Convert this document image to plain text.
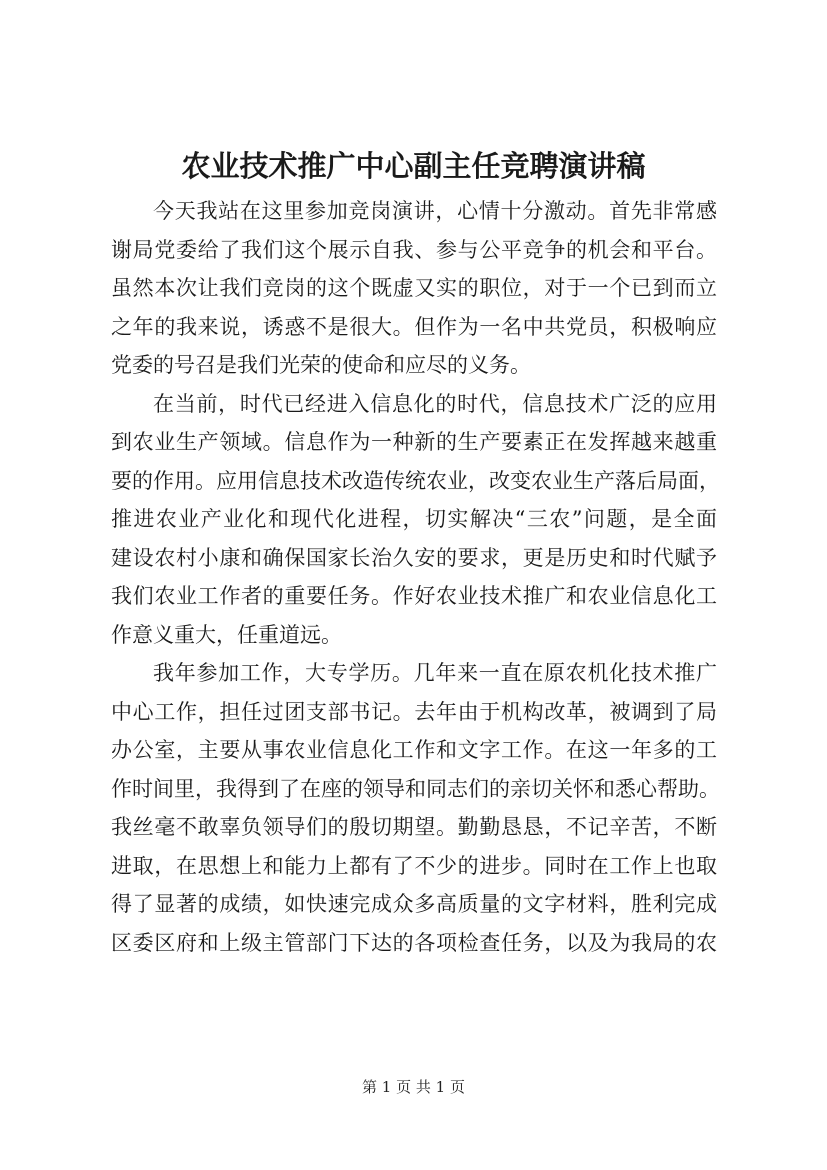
农业技术推广中心副主任竞聘演讲稿
今天我站在这里参加竞岗演讲，心情十分激动。首先非常感
谢局党委给了我们这个展示自我、参与公平竞争的机会和平台。
虽然本次让我们竞岗的这个既虚又实的职位，对于一个已到而立
之年的我来说，诱惑不是很大。但作为一名中共党员，积极响应
党委的号召是我们光荣的使命和应尽的义务。
在当前，时代已经进入信息化的时代，信息技术广泛的应用
到农业生产领域。信息作为一种新的生产要素正在发挥越来越重
要的作用。应用信息技术改造传统农业，改变农业生产落后局面，
推进农业产业化和现代化进程，切实解决“三农”问题，是全面
建设农村小康和确保国家长治久安的要求，更是历史和时代赋予
我们农业工作者的重要任务。作好农业技术推广和农业信息化工
作意义重大，任重道远。
我年参加工作，大专学历。几年来一直在原农机化技术推广
中心工作，担任过团支部书记。去年由于机构改革，被调到了局
办公室，主要从事农业信息化工作和文字工作。在这一年多的工
作时间里，我得到了在座的领导和同志们的亲切关怀和悉心帮助。
我丝毫不敢辜负领导们的殷切期望。勤勤恳恳，不记辛苦，不断
进取，在思想上和能力上都有了不少的进步。同时在工作上也取
得了显著的成绩，如快速完成众多高质量的文字材料，胜利完成
区委区府和上级主管部门下达的各项检查任务，以及为我局的农
第 1 页 共 1 页
